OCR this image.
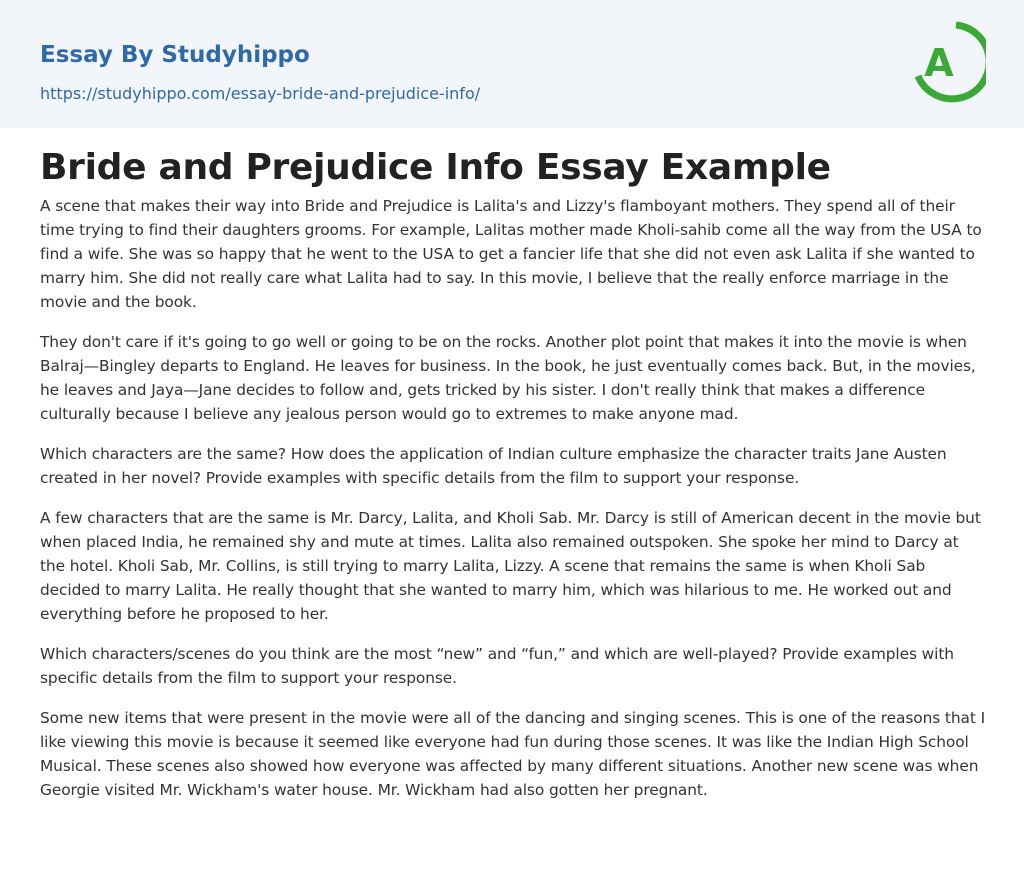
Essay By Studyhippo
https://studyhippo.com/essay-bride-and-prejudice-info/
A
Bride and Prejudice Info Essay Example

A scene that makes their way into Bride and Prejudice is Lalita's and Lizzy's flamboyant mothers. They spend all of their time trying to find their daughters grooms. For example, Lalitas mother made Kholi-sahib come all the way from the USA to find a wife. She was so happy that he went to the USA to get a fancier life that she did not even ask Lalita if she wanted to marry him. She did not really care what Lalita had to say. In this movie, I believe that the really enforce marriage in the movie and the book.

They don't care if it's going to go well or going to be on the rocks. Another plot point that makes it into the movie is when Balraj—Bingley departs to England. He leaves for business. In the book, he just eventually comes back. But, in the movies, he leaves and Jaya—Jane decides to follow and, gets tricked by his sister. I don't really think that makes a difference culturally because I believe any jealous person would go to extremes to make anyone mad.

Which characters are the same? How does the application of Indian culture emphasize the character traits Jane Austen created in her novel? Provide examples with specific details from the film to support your response.

A few characters that are the same is Mr. Darcy, Lalita, and Kholi Sab. Mr. Darcy is still of American decent in the movie but when placed India, he remained shy and mute at times. Lalita also remained outspoken. She spoke her mind to Darcy at the hotel. Kholi Sab, Mr. Collins, is still trying to marry Lalita, Lizzy. A scene that remains the same is when Kholi Sab decided to marry Lalita. He really thought that she wanted to marry him, which was hilarious to me. He worked out and everything before he proposed to her.

Which characters/scenes do you think are the most “new” and “fun,” and which are well-played? Provide examples with specific details from the film to support your response.

Some new items that were present in the movie were all of the dancing and singing scenes. This is one of the reasons that I like viewing this movie is because it seemed like everyone had fun during those scenes. It was like the Indian High School Musical. These scenes also showed how everyone was affected by many different situations. Another new scene was when Georgie visited Mr. Wickham's water house. Mr. Wickham had also gotten her pregnant.
